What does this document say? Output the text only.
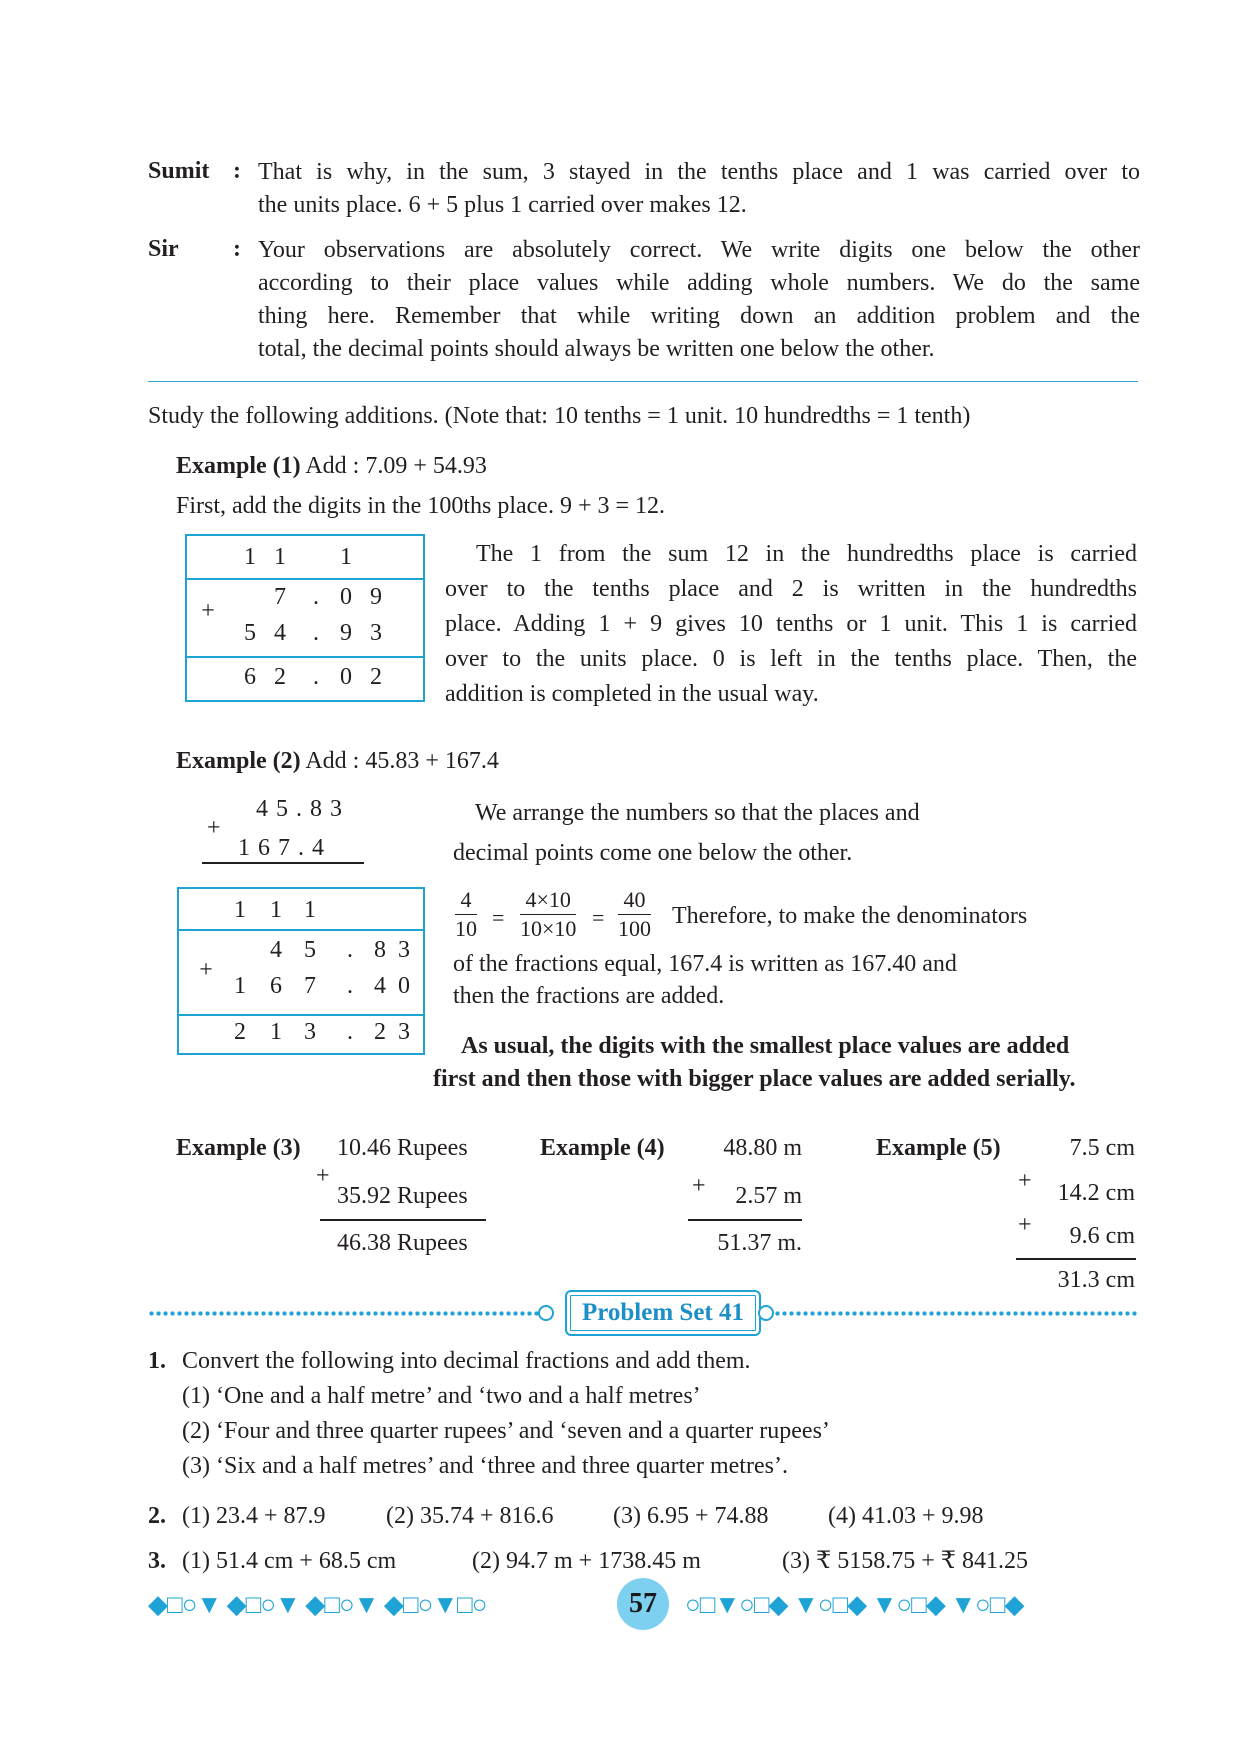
Sumit : That is why, in the sum, 3 stayed in the tenths place and 1 was carried over to
the units place. 6 + 5 plus 1 carried over makes 12.
Sir : Your observations are absolutely correct. We write digits one below the other
according to their place values while adding whole numbers. We do the same
thing here. Remember that while writing down an addition problem and the
total, the decimal points should always be written one below the other.
Study the following additions. (Note that: 10 tenths = 1 unit. 10 hundredths = 1 tenth)
Example (1) Add : 7.09 + 54.93
First, add the digits in the 100ths place. 9 + 3 = 12.
1 1 1
+
7	. 0 9
5 4	. 9 3
6 2	. 0 2
The 1 from the sum 12 in the hundredths place is carried
over to the tenths place and 2 is written in the hundredths
place. Adding 1 + 9 gives 10 tenths or 1 unit. This 1 is carried
over to the units place. 0 is left in the tenths place. Then, the
addition is completed in the usual way.
Example (2) Add : 45.83 + 167.4
4 5 . 8 3
+
1 6 7 . 4
We arrange the numbers so that the places and
decimal points come one below the other.
1 1 1
+
4 5	. 8 3
1 6 7	. 4 0
2 1 3	. 2 3
$\frac{4}{10} = \frac{4\times 10}{10\times 10} = \frac{40}{100}$ Therefore, to make the denominators
of the fractions equal, 167.4 is written as 167.40 and
then the fractions are added.
As usual, the digits with the smallest place values are added
first and then those with bigger place values are added serially.
Example (3) 10.46 Rupees
+
35.92 Rupees
46.38 Rupees
Example (4)	48.80 m
+	2.57 m
51.37 m.
Example (5)	7.5 cm
+	14.2 cm
+	9.6 cm
31.3 cm
Problem Set 41
1. Convert the following into decimal fractions and add them.
(1) ‘One and a half metre’ and ‘two and a half metres’
(2) ‘Four and three quarter rupees’ and ‘seven and a quarter rupees’
(3) ‘Six and a half metres’ and ‘three and three quarter metres’.
2. (1) 23.4 + 87.9	(2) 35.74 + 816.6 (3) 6.95 + 74.88 (4) 41.03 + 9.98
3. (1) 51.4 cm + 68.5 cm	(2) 94.7 m + 1738.45 m	(3) ₹ 5158.75 + ₹ 841.25
◆□○▼ ◆□○▼ ◆□○▼ ◆□○▼□○	57	○□▼○□◆ ▼○□◆ ▼○□◆ ▼○□◆
